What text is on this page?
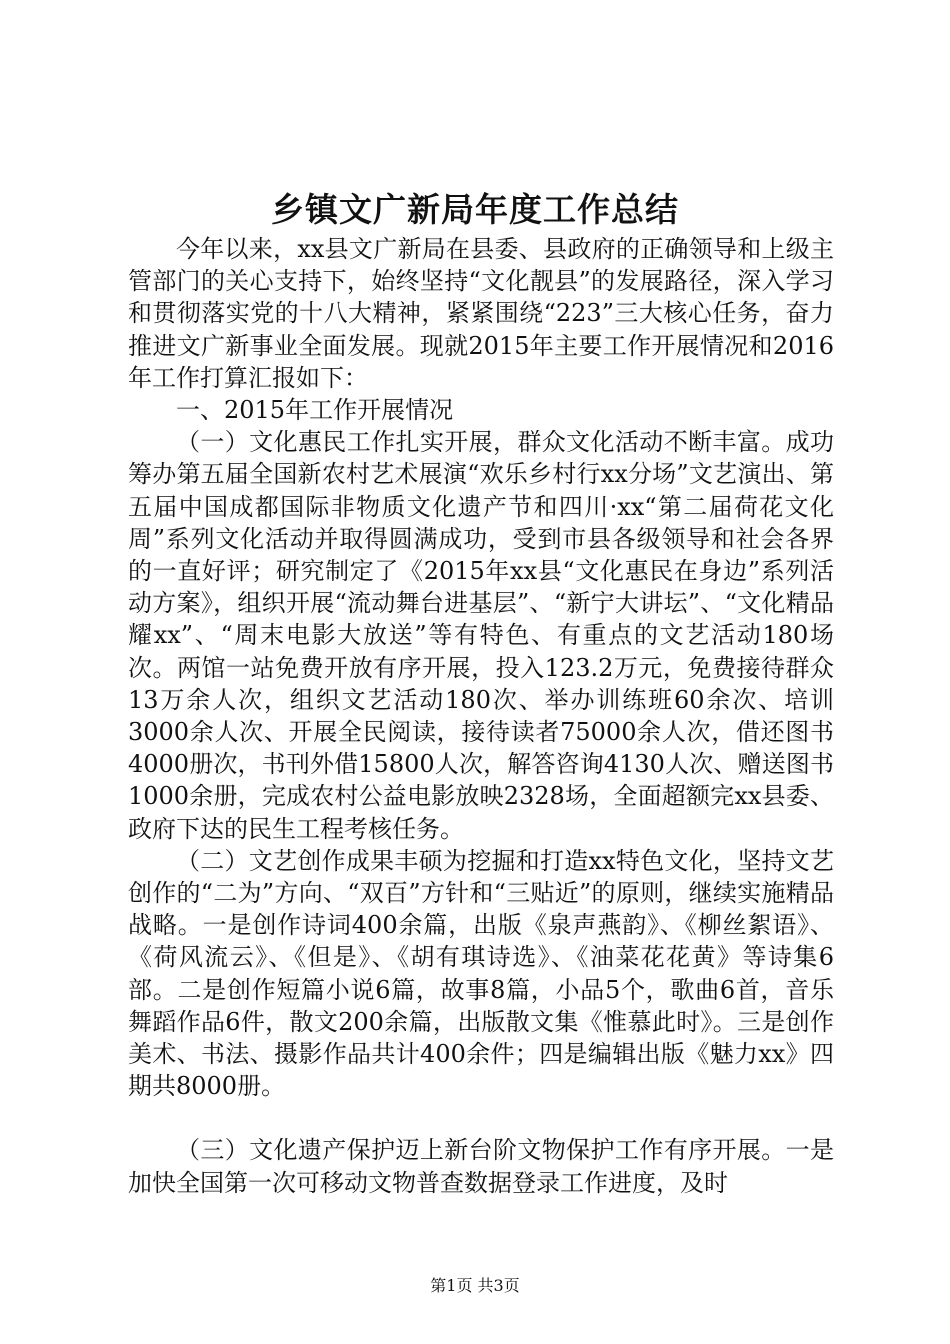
乡镇文广新局年度工作总结

今年以来，xx县文广新局在县委、县政府的正确领导和上级主管部门的关心支持下，始终坚持“文化靓县”的发展路径，深入学习和贯彻落实党的十八大精神，紧紧围绕“223”三大核心任务，奋力推进文广新事业全面发展。现就2015年主要工作开展情况和2016年工作打算汇报如下：

一、2015年工作开展情况

（一）文化惠民工作扎实开展，群众文化活动不断丰富。成功筹办第五届全国新农村艺术展演“欢乐乡村行xx分场”文艺演出、第五届中国成都国际非物质文化遗产节和四川·xx“第二届荷花文化周”系列文化活动并取得圆满成功，受到市县各级领导和社会各界的一直好评；研究制定了《2015年xx县“文化惠民在身边”系列活动方案》，组织开展“流动舞台进基层”、“新宁大讲坛”、“文化精品耀xx”、“周末电影大放送”等有特色、有重点的文艺活动180场次。两馆一站免费开放有序开展，投入123.2万元，免费接待群众13万余人次，组织文艺活动180次、举办训练班60余次、培训3000余人次、开展全民阅读，接待读者75000余人次，借还图书4000册次，书刊外借15800人次，解答咨询4130人次、赠送图书1000余册，完成农村公益电影放映2328场，全面超额完xx县委、政府下达的民生工程考核任务。

（二）文艺创作成果丰硕为挖掘和打造xx特色文化，坚持文艺创作的“二为”方向、“双百”方针和“三贴近”的原则，继续实施精品战略。一是创作诗词400余篇，出版《泉声燕韵》、《柳丝絮语》、《荷风流云》、《但是》、《胡有琪诗选》、《油菜花花黄》等诗集6部。二是创作短篇小说6篇，故事8篇，小品5个，歌曲6首，音乐舞蹈作品6件，散文200余篇，出版散文集《惟慕此时》。三是创作美术、书法、摄影作品共计400余件；四是编辑出版《魅力xx》四期共8000册。

（三）文化遗产保护迈上新台阶文物保护工作有序开展。一是加快全国第一次可移动文物普查数据登录工作进度，及时

第1页 共3页
